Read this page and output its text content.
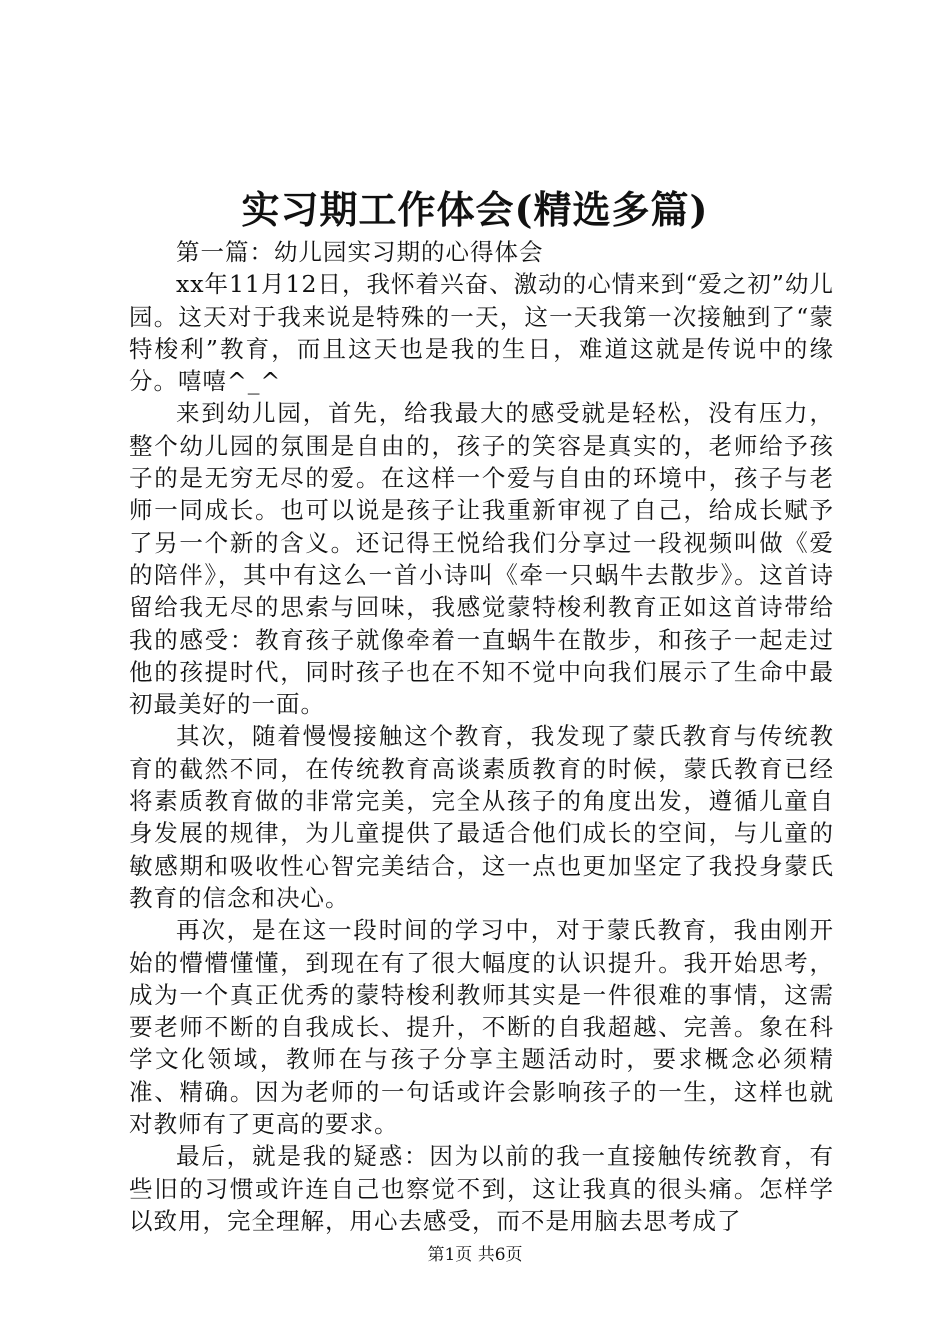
实习期工作体会(精选多篇)

第一篇：幼儿园实习期的心得体会

xx年11月12日，我怀着兴奋、激动的心情来到“爱之初”幼儿园。这天对于我来说是特殊的一天，这一天我第一次接触到了“蒙特梭利”教育，而且这天也是我的生日，难道这就是传说中的缘分。嘻嘻^_^

来到幼儿园，首先，给我最大的感受就是轻松，没有压力，整个幼儿园的氛围是自由的，孩子的笑容是真实的，老师给予孩子的是无穷无尽的爱。在这样一个爱与自由的环境中，孩子与老师一同成长。也可以说是孩子让我重新审视了自己，给成长赋予了另一个新的含义。还记得王悦给我们分享过一段视频叫做《爱的陪伴》，其中有这么一首小诗叫《牵一只蜗牛去散步》。这首诗留给我无尽的思索与回味，我感觉蒙特梭利教育正如这首诗带给我的感受：教育孩子就像牵着一直蜗牛在散步，和孩子一起走过他的孩提时代，同时孩子也在不知不觉中向我们展示了生命中最初最美好的一面。

其次，随着慢慢接触这个教育，我发现了蒙氏教育与传统教育的截然不同，在传统教育高谈素质教育的时候，蒙氏教育已经将素质教育做的非常完美，完全从孩子的角度出发，遵循儿童自身发展的规律，为儿童提供了最适合他们成长的空间，与儿童的敏感期和吸收性心智完美结合，这一点也更加坚定了我投身蒙氏教育的信念和决心。

再次，是在这一段时间的学习中，对于蒙氏教育，我由刚开始的懵懵懂懂，到现在有了很大幅度的认识提升。我开始思考，成为一个真正优秀的蒙特梭利教师其实是一件很难的事情，这需要老师不断的自我成长、提升，不断的自我超越、完善。象在科学文化领域，教师在与孩子分享主题活动时，要求概念必须精准、精确。因为老师的一句话或许会影响孩子的一生，这样也就对教师有了更高的要求。

最后，就是我的疑惑：因为以前的我一直接触传统教育，有些旧的习惯或许连自己也察觉不到，这让我真的很头痛。怎样学以致用，完全理解，用心去感受，而不是用脑去思考成了

第1页 共6页
